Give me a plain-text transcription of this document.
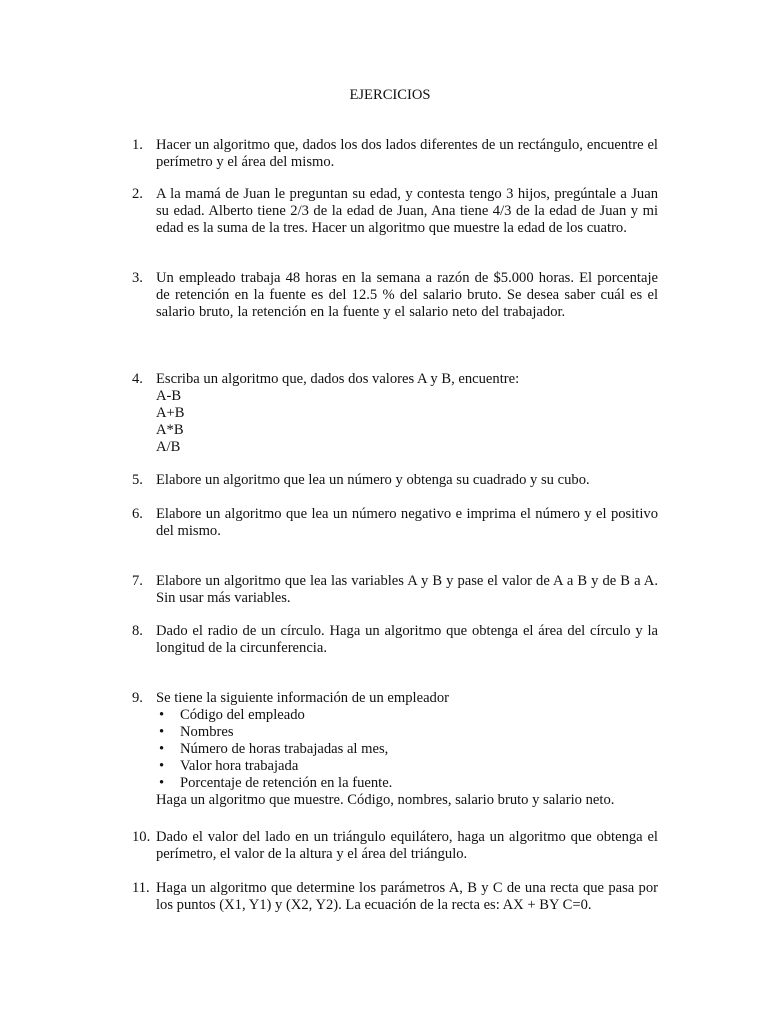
EJERCICIOS
1. Hacer un algoritmo que, dados los dos lados diferentes de un rectángulo, encuentre el perímetro y el área del mismo.
2. A la mamá de Juan le preguntan su edad, y contesta tengo 3 hijos, pregúntale a Juan su edad. Alberto tiene 2/3 de la edad de Juan, Ana tiene 4/3 de la edad de Juan y mi edad es la suma de la tres. Hacer un algoritmo que muestre la edad de los cuatro.
3. Un empleado trabaja 48 horas en la semana a razón de $5.000 horas. El porcentaje de retención en la fuente es del 12.5 % del salario bruto. Se desea saber cuál es el salario bruto, la retención en la fuente y el salario neto del trabajador.
4. Escriba un algoritmo que, dados dos valores A y B, encuentre:
A-B
A+B
A*B
A/B
5. Elabore un algoritmo que lea un número y obtenga su cuadrado y su cubo.
6. Elabore un algoritmo que lea un número negativo e imprima el número y el positivo del mismo.
7. Elabore un algoritmo que lea las variables A y B y pase el valor de A a B y de B a A. Sin usar más variables.
8. Dado el radio de un círculo. Haga un algoritmo que obtenga el área del círculo y la longitud de la circunferencia.
9. Se tiene la siguiente información de un empleador
• Código del empleado
• Nombres
• Número de horas trabajadas al mes,
• Valor hora trabajada
• Porcentaje de retención en la fuente.
Haga un algoritmo que muestre. Código, nombres, salario bruto y salario neto.
10. Dado el valor del lado en un triángulo equilátero, haga un algoritmo que obtenga el perímetro, el valor de la altura y el área del triángulo.
11. Haga un algoritmo que determine los parámetros A, B y C de una recta que pasa por los puntos (X1, Y1) y (X2, Y2). La ecuación de la recta es: AX + BY C=0.
